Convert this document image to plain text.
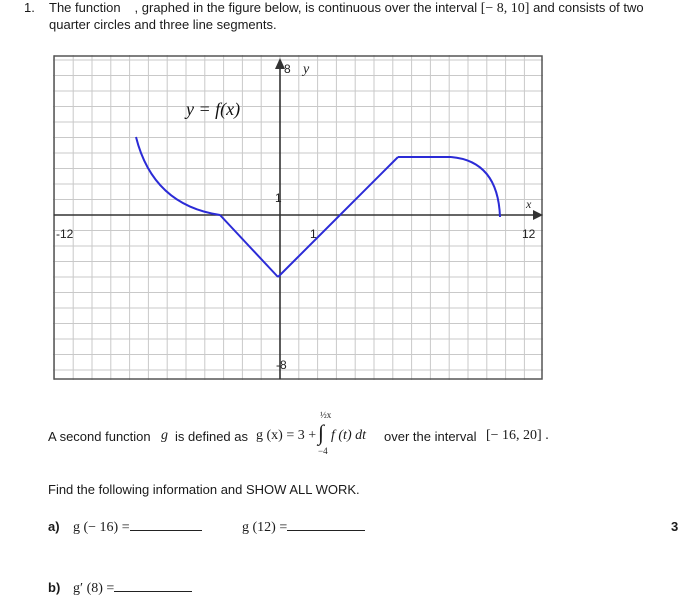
1. The function , graphed in the figure below, is continuous over the interval [− 8, 10] and consists of two
quarter circles and three line segments.
8 y
y = f(x)
1
-12	1	12
x
-8
A second function g is defined as g (x) = 3 +
½x
∫
−4
f (t) dt over the interval [− 16, 20] .
Find the following information and SHOW ALL WORK.
a) g (− 16) =	g (12) =	3
b) g′ (8) =
